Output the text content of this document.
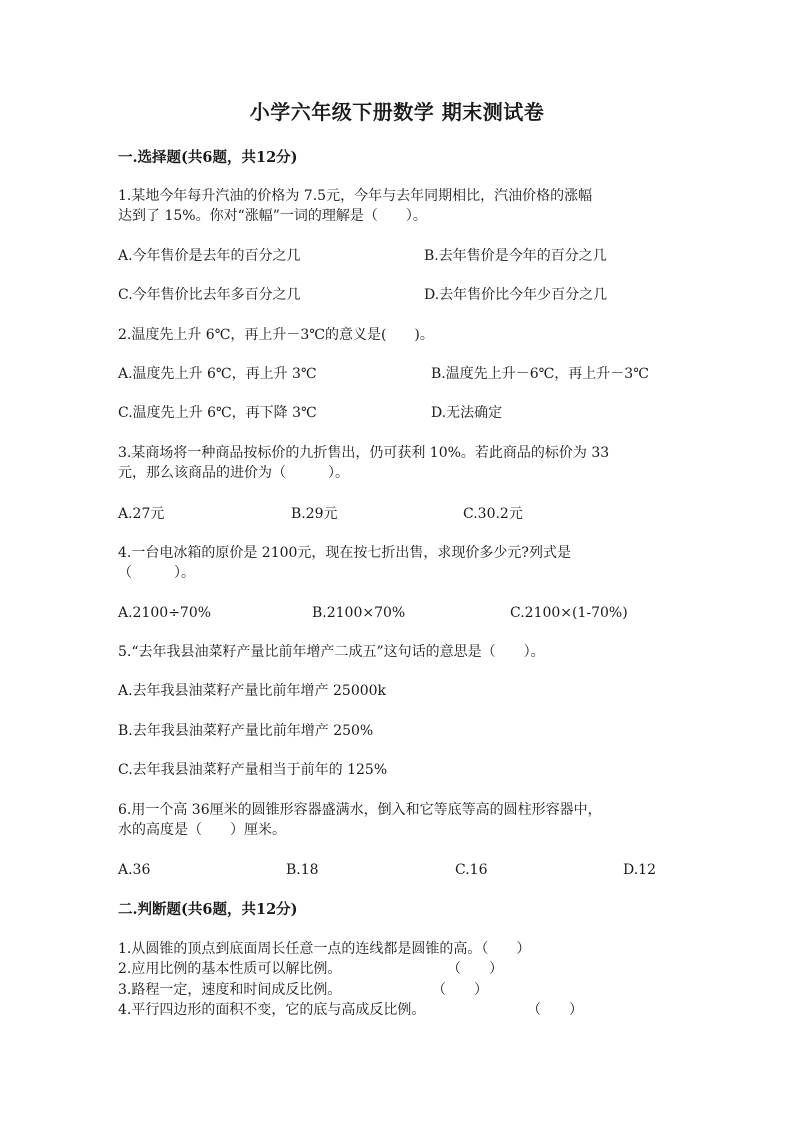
小学六年级下册数学 期末测试卷
一.选择题(共6题，共12分)
1.某地今年每升汽油的价格为 7.5元，今年与去年同期相比，汽油价格的涨幅
达到了 15%。你对“涨幅”一词的理解是（　　）。
A.今年售价是去年的百分之几	B.去年售价是今年的百分之几
C.今年售价比去年多百分之几	D.去年售价比今年少百分之几
2.温度先上升 6℃，再上升－3℃的意义是(　　)。
A.温度先上升 6℃，再上升 3℃	B.温度先上升－6℃，再上升－3℃
C.温度先上升 6℃，再下降 3℃	D.无法确定
3.某商场将一种商品按标价的九折售出，仍可获利 10%。若此商品的标价为 33
元，那么该商品的进价为（　　　）。
A.27元	B.29元	C.30.2元
4.一台电冰箱的原价是 2100元，现在按七折出售，求现价多少元?列式是
（　　　）。
A.2100÷70%	B.2100×70%	C.2100×(1-70%)
5.“去年我县油菜籽产量比前年增产二成五”这句话的意思是（　　）。
A.去年我县油菜籽产量比前年增产 25000k
B.去年我县油菜籽产量比前年增产 250%
C.去年我县油菜籽产量相当于前年的 125%
6.用一个高 36厘米的圆锥形容器盛满水，倒入和它等底等高的圆柱形容器中，
水的高度是（　　）厘米。
A.36	B.18	C.16	D.12
二.判断题(共6题，共12分)
1.从圆锥的顶点到底面周长任意一点的连线都是圆锥的高。（　　）
2.应用比例的基本性质可以解比例。	（　　）
3.路程一定，速度和时间成反比例。	（　　）
4.平行四边形的面积不变，它的底与高成反比例。	（　　）
